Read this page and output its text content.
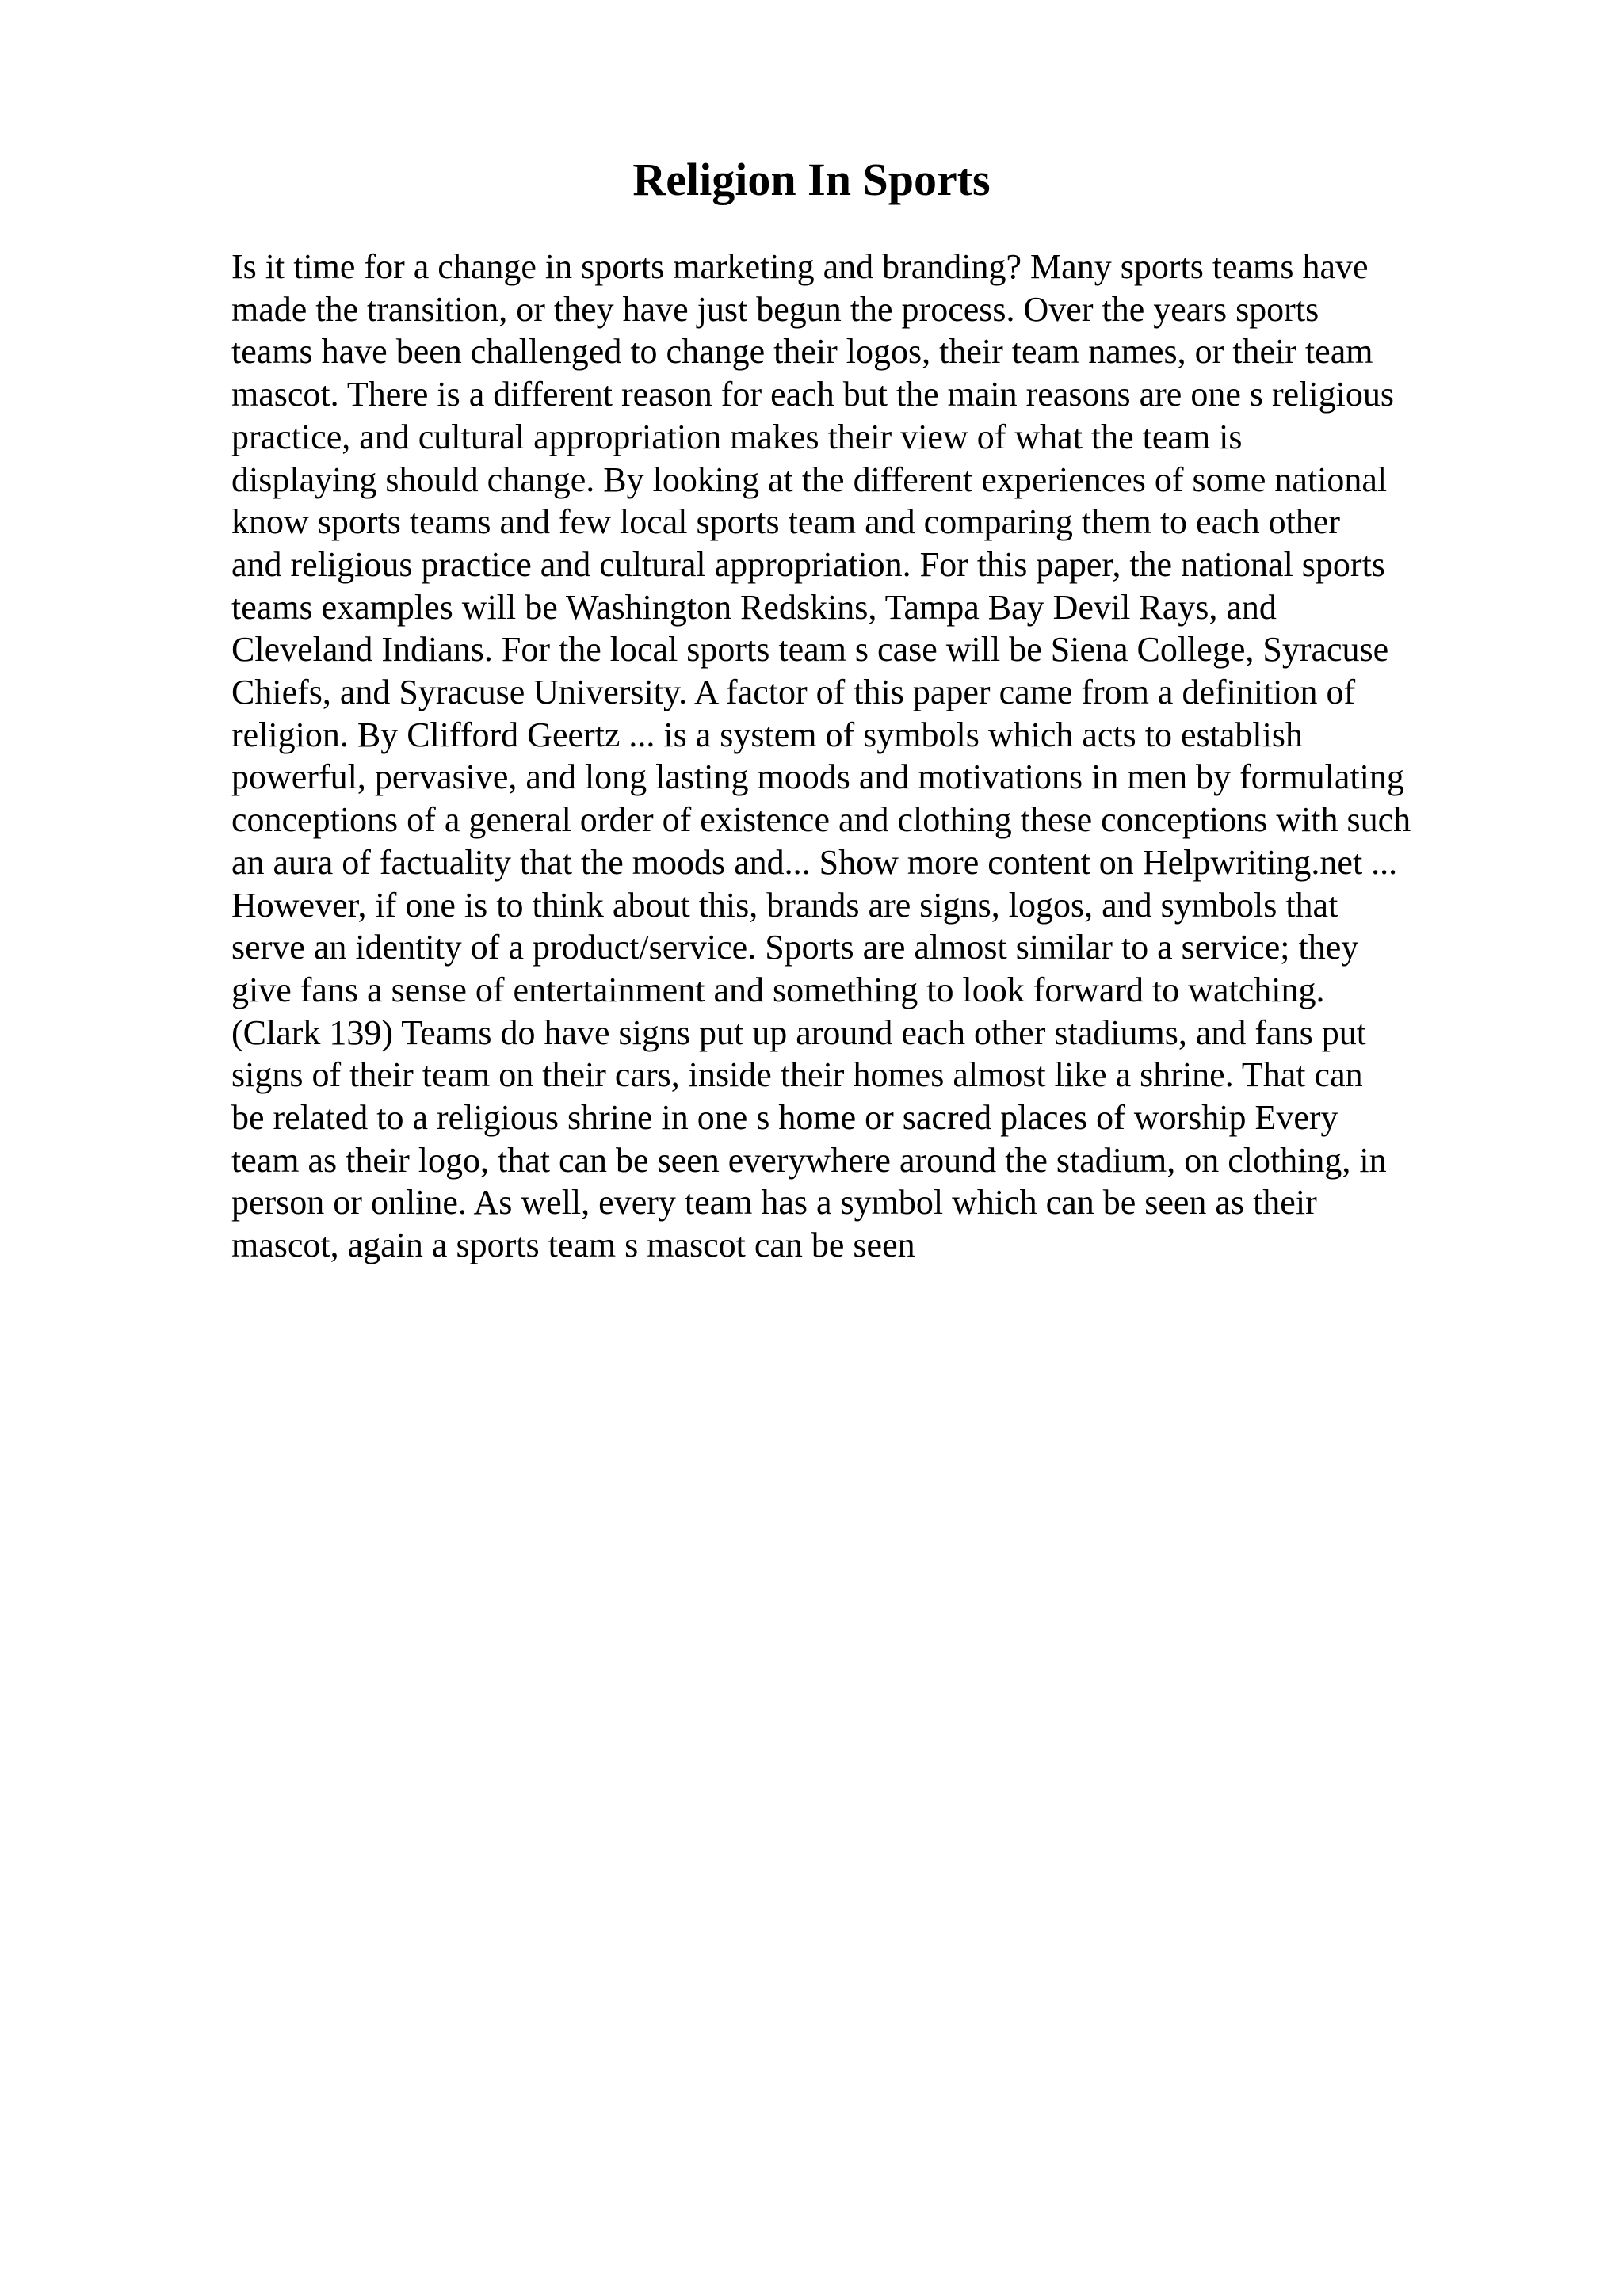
Religion In Sports
Is it time for a change in sports marketing and branding? Many sports teams have
made the transition, or they have just begun the process. Over the years sports
teams have been challenged to change their logos, their team names, or their team
mascot. There is a different reason for each but the main reasons are one s religious
practice, and cultural appropriation makes their view of what the team is
displaying should change. By looking at the different experiences of some national
know sports teams and few local sports team and comparing them to each other
and religious practice and cultural appropriation. For this paper, the national sports
teams examples will be Washington Redskins, Tampa Bay Devil Rays, and
Cleveland Indians. For the local sports team s case will be Siena College, Syracuse
Chiefs, and Syracuse University. A factor of this paper came from a definition of
religion. By Clifford Geertz ... is a system of symbols which acts to establish
powerful, pervasive, and long lasting moods and motivations in men by formulating
conceptions of a general order of existence and clothing these conceptions with such
an aura of factuality that the moods and... Show more content on Helpwriting.net ...
However, if one is to think about this, brands are signs, logos, and symbols that
serve an identity of a product/service. Sports are almost similar to a service; they
give fans a sense of entertainment and something to look forward to watching.
(Clark 139) Teams do have signs put up around each other stadiums, and fans put
signs of their team on their cars, inside their homes almost like a shrine. That can
be related to a religious shrine in one s home or sacred places of worship Every
team as their logo, that can be seen everywhere around the stadium, on clothing, in
person or online. As well, every team has a symbol which can be seen as their
mascot, again a sports team s mascot can be seen
